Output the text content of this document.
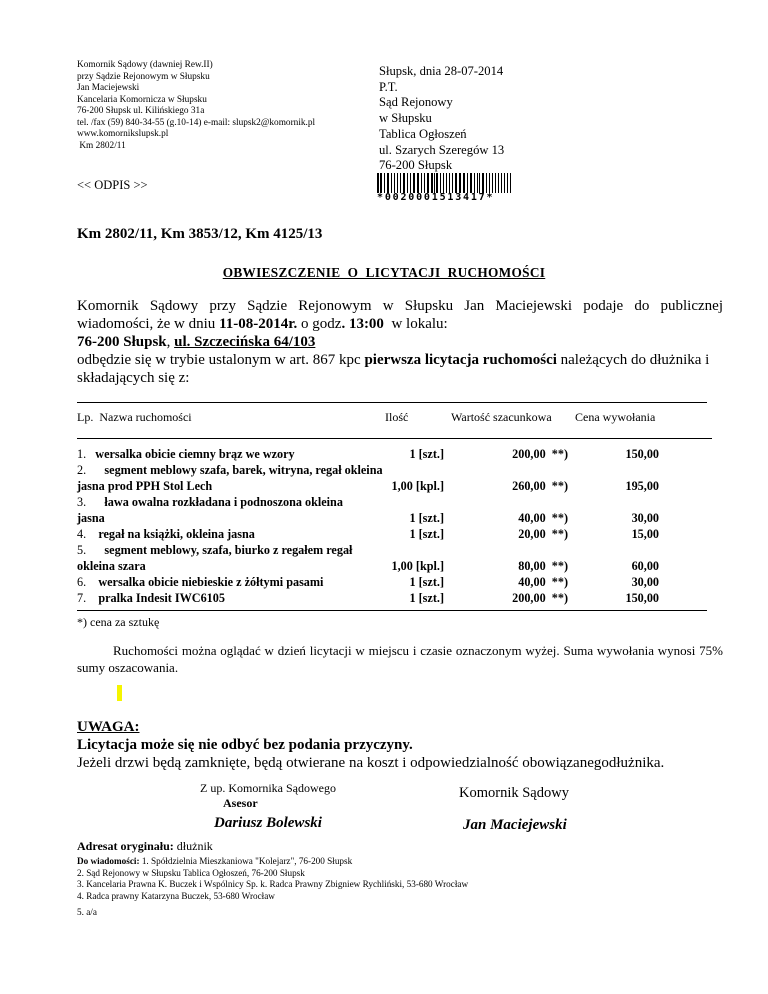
Komornik Sądowy (dawniej Rew.II)
przy Sądzie Rejonowym w Słupsku
Jan Maciejewski
Kancelaria Komornicza w Słupsku
76-200 Słupsk ul. Kilińskiego 31a
tel. /fax (59) 840-34-55 (g.10-14) e-mail: slupsk2@komornik.pl
www.komornikslupsk.pl
Km 2802/11
Słupsk, dnia 28-07-2014
P.T.
Sąd Rejonowy
w Słupsku
Tablica Ogłoszeń
ul. Szarych Szeregów 13
76-200 Słupsk
<< ODPIS >>
*0020001513417*
Km 2802/11, Km 3853/12, Km 4125/13
OBWIESZCZENIE  O  LICYTACJI  RUCHOMOŚCI
Komornik Sądowy przy Sądzie Rejonowym w Słupsku Jan Maciejewski podaje do publicznej
wiadomości, że w dniu 11-08-2014r. o godz. 13:00  w lokalu:
76-200 Słupsk, ul. Szczecińska 64/103
odbędzie się w trybie ustalonym w art. 867 kpc pierwsza licytacja ruchomości należących do dłużnika i
składających się z:
Lp.  Nazwa ruchomości	Ilość	Wartość szacunkowa Cena wywołania
1. wersalka obicie ciemny brąz we wzory	1 [szt.]	200,00  **)	150,00
2. segment meblowy szafa, barek, witryna, regał okleina
jasna prod PPH Stol Lech	1,00 [kpl.]	260,00  **)	195,00
3. ława owalna rozkładana i podnoszona okleina
jasna	1 [szt.]	40,00  **)	30,00
4. regał na książki, okleina jasna	1 [szt.]	20,00  **)	15,00
5. segment meblowy, szafa, biurko z regałem regał
okleina szara	1,00 [kpl.]	80,00  **)	60,00
6. wersalka obicie niebieskie z żółtymi pasami	1 [szt.]	40,00  **)	30,00
7. pralka Indesit IWC6105	1 [szt.]	200,00  **)	150,00
*) cena za sztukę
Ruchomości można oglądać w dzień licytacji w miejscu i czasie oznaczonym wyżej. Suma wywołania wynosi 75% sumy oszacowania.
UWAGA:
Licytacja może się nie odbyć bez podania przyczyny.
Jeżeli drzwi będą zamknięte, będą otwierane na koszt i odpowiedzialność obowiązanegodłużnika.
Z up. Komornika Sądowego
Asesor
Komornik Sądowy
Dariusz Bolewski	Jan Maciejewski
Adresat oryginału: dłużnik
Do wiadomości: 1. Spółdzielnia Mieszkaniowa "Kolejarz", 76-200 Słupsk
2. Sąd Rejonowy w Słupsku Tablica Ogłoszeń, 76-200 Słupsk
3. Kancelaria Prawna K. Buczek i Wspólnicy Sp. k. Radca Prawny Zbigniew Rychliński, 53-680 Wrocław
4. Radca prawny Katarzyna Buczek, 53-680 Wrocław
5. a/a
